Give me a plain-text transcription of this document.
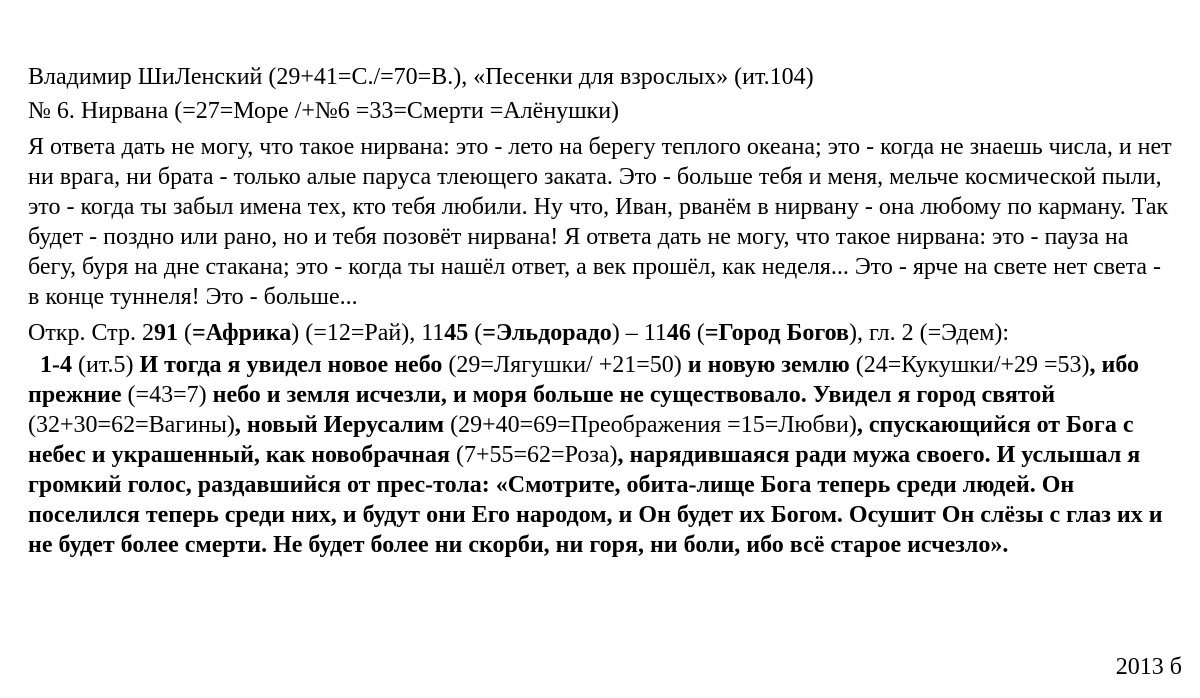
Владимир ШиЛенский (29+41=С./=70=В.), «Песенки для взрослых» (ит.104)
№ 6. Нирвана (=27=Море /+№6 =33=Смерти =Алёнушки)

Я ответа дать не могу, что такое нирвана: это - лето на берегу теплого океана; это - когда не знаешь числа, и нет ни врага, ни брата - только алые паруса тлеющего заката. Это - больше тебя и меня, мельче космической пыли, это - когда ты забыл имена тех, кто тебя любили. Ну что, Иван, рванём в нирвану - она любому по карману. Так будет - поздно или рано, но и тебя позовёт нирвана! Я ответа дать не могу, что такое нирвана: это - пауза на бегу, буря на дне стакана; это - когда ты нашёл ответ, а век прошёл, как неделя... Это - ярче на свете нет света - в конце туннеля! Это - больше...

Откр. Стр. 291 (=Африка) (=12=Рай), 1145 (=Эльдорадо) – 1146 (=Город Богов), гл. 2 (=Эдем):
1-4 (ит.5) И тогда я увидел новое небо (29=Лягушки/ +21=50) и новую землю (24=Кукушки/+29 =53), ибо прежние (=43=7) небо и земля исчезли, и моря больше не существовало. Увидел я город святой (32+30=62=Вагины), новый Иерусалим (29+40=69=Преображения =15=Любви), спускающийся от Бога с небес и украшенный, как новобрачная (7+55=62=Роза), нарядившаяся ради мужа своего. И услышал я громкий голос, раздавшийся от прес-тола: «Смотрите, обита-лище Бога теперь среди людей. Он поселился теперь среди них, и будут они Его народом, и Он будет их Богом. Осушит Он слёзы с глаз их и не будет более смерти. Не будет более ни скорби, ни горя, ни боли, ибо всё старое исчезло».
2013 б
